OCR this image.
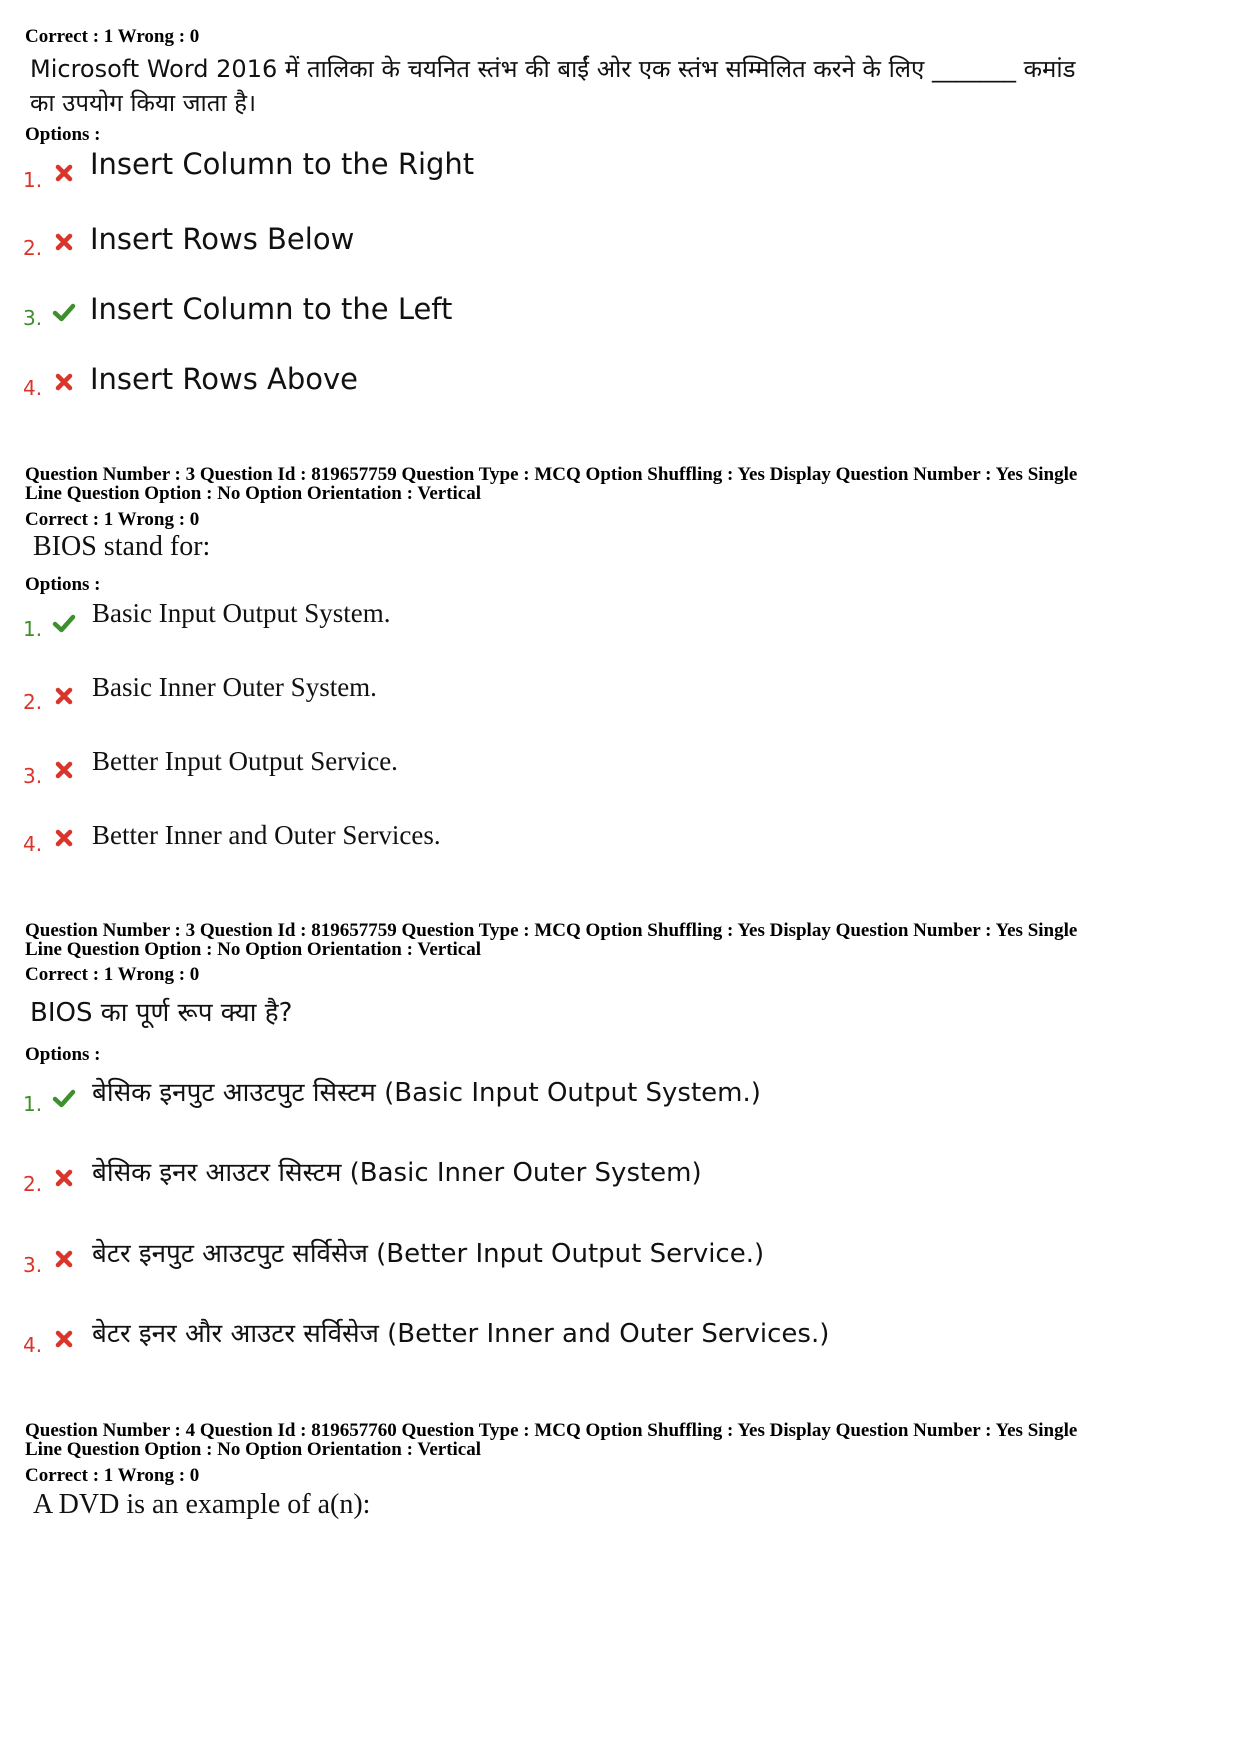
Correct : 1 Wrong : 0
Microsoft Word 2016 में तालिका के चयनित स्तंभ की बाईं ओर एक स्तंभ सम्मिलित करने के लिए _______ कमांड
का उपयोग किया जाता है।
Options :
1. Insert Column to the Right
2. Insert Rows Below
3. Insert Column to the Left
4. Insert Rows Above
Question Number : 3 Question Id : 819657759 Question Type : MCQ Option Shuffling : Yes Display Question Number : Yes Single
Line Question Option : No Option Orientation : Vertical
Correct : 1 Wrong : 0
BIOS stand for:
Options :
1.
Basic Input Output System.
2. Basic Inner Outer System.
3. Better Input Output Service.
4. Better Inner and Outer Services.
Question Number : 3 Question Id : 819657759 Question Type : MCQ Option Shuffling : Yes Display Question Number : Yes Single
Line Question Option : No Option Orientation : Vertical
Correct : 1 Wrong : 0
BIOS का पूर्ण रूप क्या है?
Options :
1. बेसिक इनपुट आउटपुट सिस्टम (Basic Input Output System.)
2. बेसिक इनर आउटर सिस्टम (Basic Inner Outer System)
3. बेटर इनपुट आउटपुट सर्विसेज (Better Input Output Service.)
4. बेटर इनर और आउटर सर्विसेज (Better Inner and Outer Services.)
Question Number : 4 Question Id : 819657760 Question Type : MCQ Option Shuffling : Yes Display Question Number : Yes Single
Line Question Option : No Option Orientation : Vertical
Correct : 1 Wrong : 0
A DVD is an example of a(n):
